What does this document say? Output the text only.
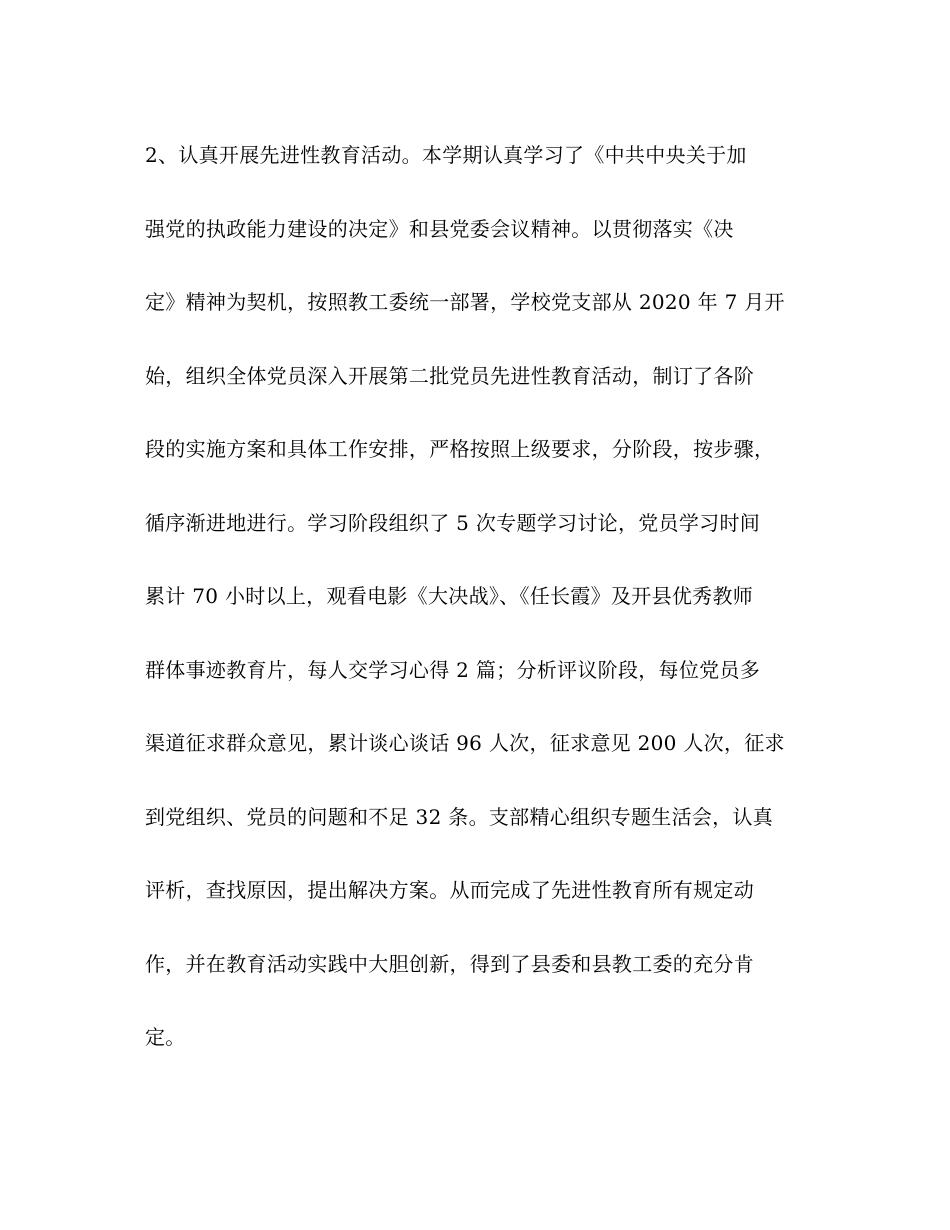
2、认真开展先进性教育活动。本学期认真学习了《中共中央关于加
强党的执政能力建设的决定》和县党委会议精神。以贯彻落实《决
定》精神为契机，按照教工委统一部署，学校党支部从 2020 年 7 月开
始，组织全体党员深入开展第二批党员先进性教育活动，制订了各阶
段的实施方案和具体工作安排，严格按照上级要求，分阶段，按步骤，
循序渐进地进行。学习阶段组织了 5 次专题学习讨论，党员学习时间
累计 70 小时以上，观看电影《大决战》、《任长霞》及开县优秀教师
群体事迹教育片，每人交学习心得 2 篇；分析评议阶段，每位党员多
渠道征求群众意见，累计谈心谈话 96 人次，征求意见 200 人次，征求
到党组织、党员的问题和不足 32 条。支部精心组织专题生活会，认真
评析，查找原因，提出解决方案。从而完成了先进性教育所有规定动
作，并在教育活动实践中大胆创新，得到了县委和县教工委的充分肯
定。
